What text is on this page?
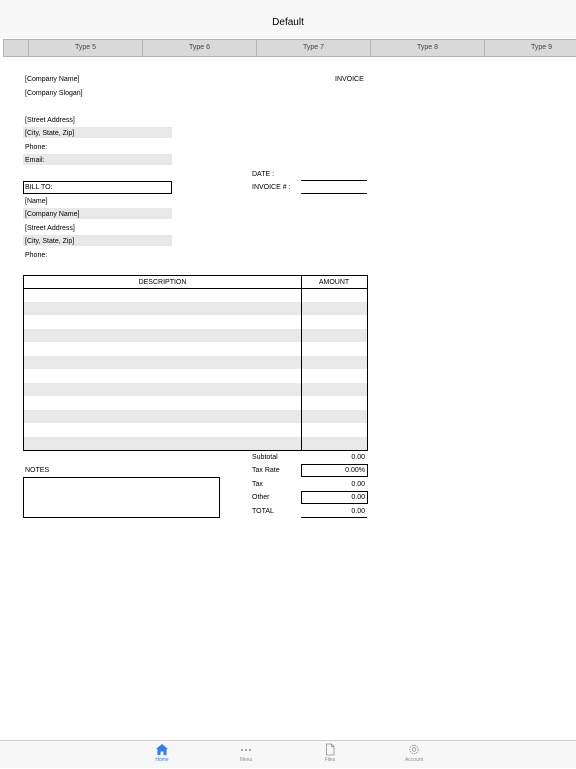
Default
Type 5	Type 6	Type 7	Type 8	Type 9
[Company Name]
[Company Slogan]
INVOICE
[Street Address]
[City, State, Zip]
Phone:
Email:
DATE :
INVOICE # :
BILL TO:
[Name]
[Company Name]
[Street Address]
[City, State, Zip]
Phone:
DESCRIPTION	AMOUNT
Subtotal	0.00
Tax Rate	0.00%
Tax	0.00
Other	0.00
TOTAL	0.00
NOTES
Home	Menu	Files	Account
